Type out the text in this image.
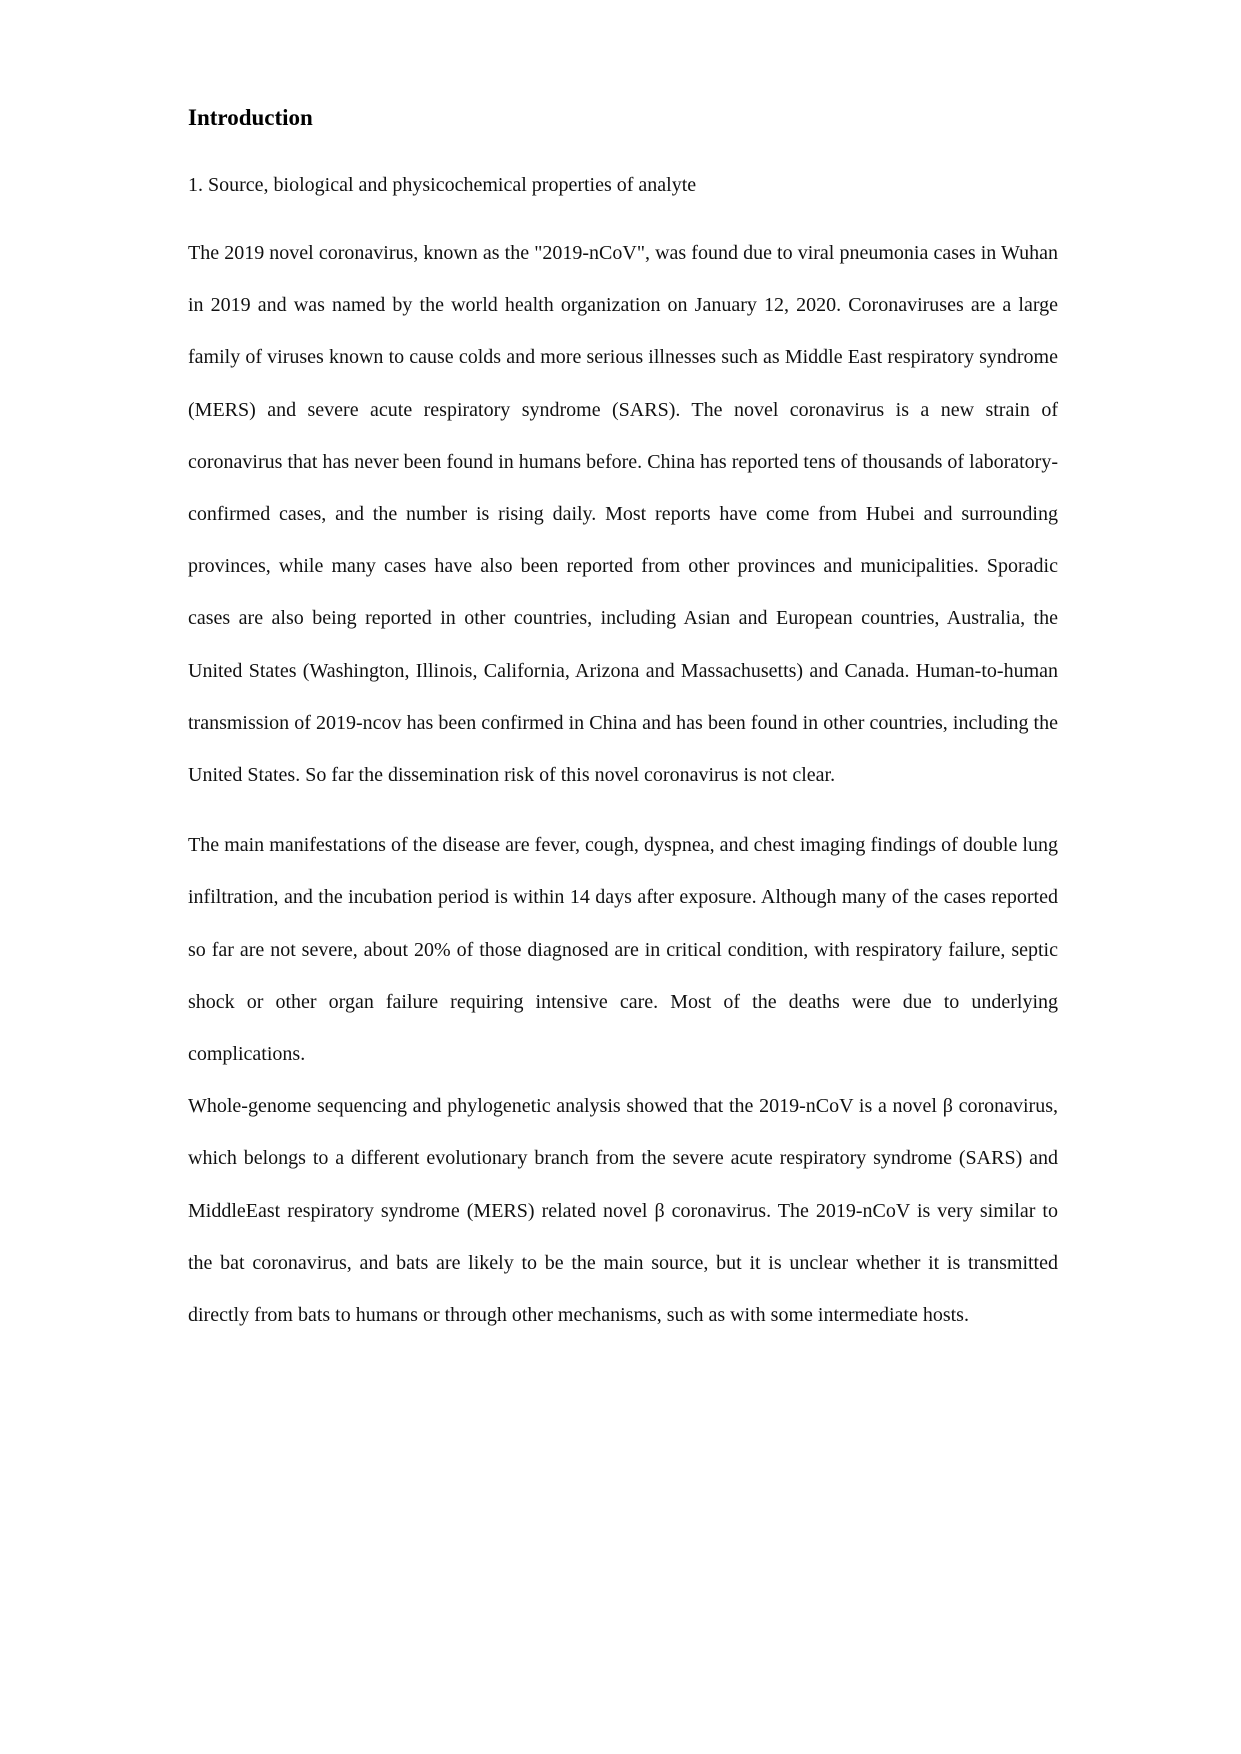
Introduction

1. Source, biological and physicochemical properties of analyte

The 2019 novel coronavirus, known as the "2019-nCoV", was found due to viral pneumonia cases in Wuhan in 2019 and was named by the world health organization on January 12, 2020. Coronaviruses are a large family of viruses known to cause colds and more serious illnesses such as Middle East respiratory syndrome (MERS) and severe acute respiratory syndrome (SARS). The novel coronavirus is a new strain of coronavirus that has never been found in humans before. China has reported tens of thousands of laboratory-confirmed cases, and the number is rising daily. Most reports have come from Hubei and surrounding provinces, while many cases have also been reported from other provinces and municipalities. Sporadic cases are also being reported in other countries, including Asian and European countries, Australia, the United States (Washington, Illinois, California, Arizona and Massachusetts) and Canada. Human-to-human transmission of 2019-ncov has been confirmed in China and has been found in other countries, including the United States. So far the dissemination risk of this novel coronavirus is not clear.

The main manifestations of the disease are fever, cough, dyspnea, and chest imaging findings of double lung infiltration, and the incubation period is within 14 days after exposure. Although many of the cases reported so far are not severe, about 20% of those diagnosed are in critical condition, with respiratory failure, septic shock or other organ failure requiring intensive care. Most of the deaths were due to underlying complications.

Whole-genome sequencing and phylogenetic analysis showed that the 2019-nCoV is a novel β coronavirus, which belongs to a different evolutionary branch from the severe acute respiratory syndrome (SARS) and MiddleEast respiratory syndrome (MERS) related novel β coronavirus. The 2019-nCoV is very similar to the bat coronavirus, and bats are likely to be the main source, but it is unclear whether it is transmitted directly from bats to humans or through other mechanisms, such as with some intermediate hosts.
